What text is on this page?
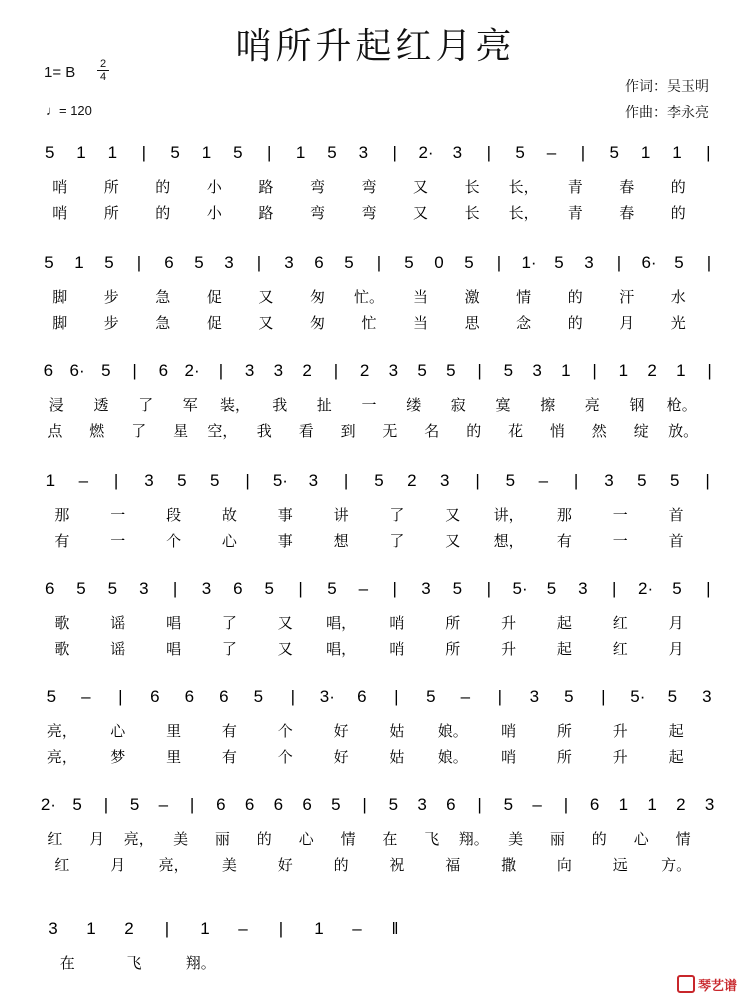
哨所升起红月亮
1= B	2
4
♩= 120
作词：吴玉明
作曲：李永亮
5 1 1 | 5 1 5 | 1 5 3 | 2· 3 | 5 – | 5 1 1 |
哨 所 的 小 路 弯 弯 又 长 长， 青 春 的
哨 所 的 小 路 弯 弯 又 长 长， 青 春 的
5 1 5 | 6 5 3 | 3 6 5 | 5 0 5 | 1· 5 3 | 6· 5 |
脚 步 急 促 又 匆 忙。 当 激 情 的 汗 水
脚 步 急 促 又 匆 忙 当 思 念 的 月 光
6 6· 5 | 6 2· | 3 3 2 | 2 3 5 5 | 5 3 1 | 1 2 1 |
浸 透 了 军 装， 我 扯 一 缕 寂 寞 擦 亮 钢 枪。
点 燃 了 星 空， 我 看 到 无 名 的 花 悄 然 绽 放。
1 – | 3 5 5 | 5· 3 | 5 2 3 | 5 – | 3 5 5 |
那	一	段	故	事	讲	了	又 讲， 那	一	首
有	一	个	心	事	想	了	又 想， 有	一	首
6 5 5 3 | 3 6 5 | 5 – | 3 5 | 5· 5 3 | 2· 5 |
歌	谣	唱	了	又 唱， 哨	所	升	起	红	月
歌	谣	唱	了	又 唱， 哨	所	升	起	红	月
5 – | 6 6 6 5 | 3· 6 | 5 – | 3 5 | 5· 5 3
亮， 心	里	有	个	好	姑 娘。 哨	所	升	起
亮， 梦	里	有	个	好	姑 娘。 哨	所	升	起
2· 5 | 5 – | 6 6 6 6 5 | 5 3 6 | 5 – | 6 1 1 2 3
红 月 亮， 美 丽 的 心 情 在 飞 翔。 美 丽 的 心 情
红	月 亮， 美	好	的	祝	福	撒	向	远 方。
3 1 2 | 1 – | 1 – ‖
在	飞	翔。
琴艺谱
